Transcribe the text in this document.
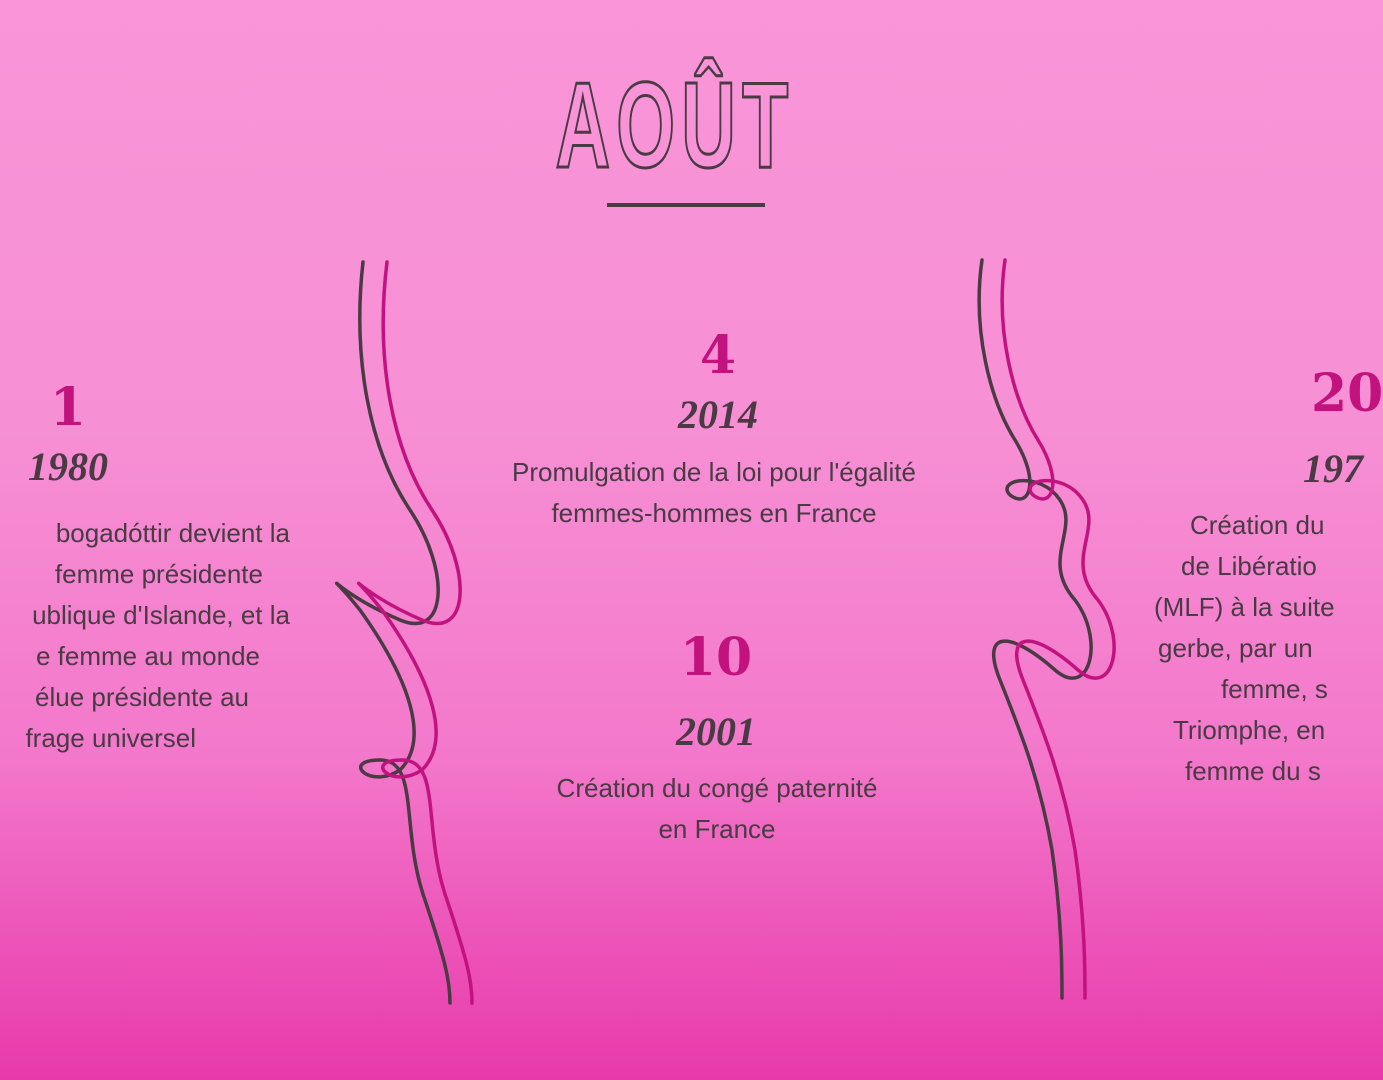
AOÛT
1
1980
bogadóttir devient la
femme présidente
ublique d'Islande, et la
e femme au monde
élue présidente au
frage universel
4
2014
Promulgation de la loi pour l'égalité
femmes-hommes en France
10
2001
Création du congé paternité
en France
20
197
Création du
de Libératio
(MLF) à la suite
gerbe, par un
femme, s
Triomphe, en
femme du s
